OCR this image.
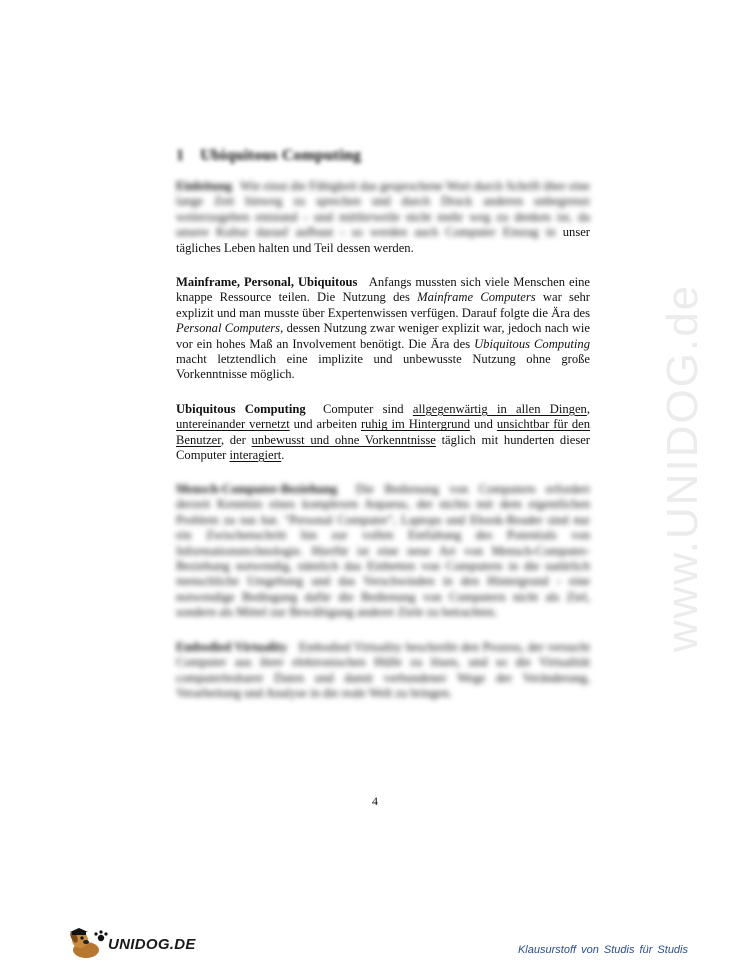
www.UNIDOG.de
1 Ubiquitous Computing
Einleitung Wie einst die Fähigkeit das gesprochene Wort durch Schrift über eine lange Zeit hinweg zu sprechen und durch Druck anderen unbegrenzt weiterzugeben entstand - und mittlerweile nicht mehr weg zu denken ist, da unsere Kultur darauf aufbaut - so werden auch Computer Einzug in unser tägliches Leben halten und Teil dessen werden.
Mainframe, Personal, Ubiquitous Anfangs mussten sich viele Menschen eine knappe Ressource teilen. Die Nutzung des Mainframe Computers war sehr explizit und man musste über Expertenwissen verfügen. Darauf folgte die Ära des Personal Computers, dessen Nutzung zwar weniger explizit war, jedoch nach wie vor ein hohes Maß an Involvement benötigt. Die Ära des Ubiquitous Computing macht letztendlich eine implizite und unbewusste Nutzung ohne große Vorkenntnisse möglich.
Ubiquitous Computing Computer sind allgegenwärtig in allen Dingen, untereinander vernetzt und arbeiten ruhig im Hintergrund und unsichtbar für den Benutzer, der unbewusst und ohne Vorkenntnisse täglich mit hunderten dieser Computer interagiert.
Mensch-Computer-Beziehung Die Bedienung von Computern erfordert derzeit Kenntnis eines komplexen Anparus, der nichts mit dem eigentlichen Problem zu tun hat. "Personal Computer", Laptops und Ebook-Reader sind nur ein Zwischenschritt hin zur vollen Entfaltung des Potentials von Informationstechnologie. Hierfür ist eine neue Art von Mensch-Computer-Beziehung notwendig, nämlich das Einbetten von Computern in die natürlich menschliche Umgebung und das Verschwinden in den Hintergrund - eine notwendige Bedingung dafür die Bedienung von Computern nicht als Ziel, sondern als Mittel zur Bewältigung anderer Ziele zu betrachten.
Embodied Virtuality Embodied Virtuality beschreibt den Prozess, der versucht Computer aus ihrer elektronischen Hülle zu lösen, und so die Virtualität computerlesbarer Daten und damit verbundener Wege der Veränderung, Verarbeitung und Analyse in die reale Welt zu bringen.
4
UNIDOG.DE	Klausurstoff von Studis für Studis
